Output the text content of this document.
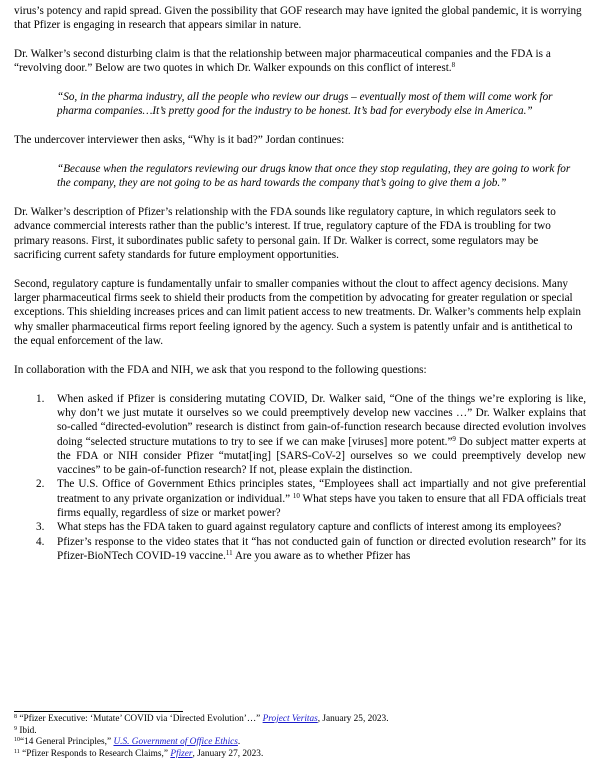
virus’s potency and rapid spread. Given the possibility that GOF research may have ignited the global pandemic, it is worrying that Pfizer is engaging in research that appears similar in nature.

Dr. Walker’s second disturbing claim is that the relationship between major pharmaceutical companies and the FDA is a “revolving door.” Below are two quotes in which Dr. Walker expounds on this conflict of interest.$^8$

“So, in the pharma industry, all the people who review our drugs – eventually most of them will come work for pharma companies…It’s pretty good for the industry to be honest. It’s bad for everybody else in America.”

The undercover interviewer then asks, “Why is it bad?” Jordan continues:

“Because when the regulators reviewing our drugs know that once they stop regulating, they are going to work for the company, they are not going to be as hard towards the company that’s going to give them a job.”

Dr. Walker’s description of Pfizer’s relationship with the FDA sounds like regulatory capture, in which regulators seek to advance commercial interests rather than the public’s interest. If true, regulatory capture of the FDA is troubling for two primary reasons. First, it subordinates public safety to personal gain. If Dr. Walker is correct, some regulators may be sacrificing current safety standards for future employment opportunities.

Second, regulatory capture is fundamentally unfair to smaller companies without the clout to affect agency decisions. Many larger pharmaceutical firms seek to shield their products from the competition by advocating for greater regulation or special exceptions. This shielding increases prices and can limit patient access to new treatments. Dr. Walker’s comments help explain why smaller pharmaceutical firms report feeling ignored by the agency. Such a system is patently unfair and is antithetical to the equal enforcement of the law.

In collaboration with the FDA and NIH, we ask that you respond to the following questions:

1. When asked if Pfizer is considering mutating COVID, Dr. Walker said, “One of the things we’re exploring is like, why don’t we just mutate it ourselves so we could preemptively develop new vaccines …” Dr. Walker explains that so-called “directed-evolution” research is distinct from gain-of-function research because directed evolution involves doing “selected structure mutations to try to see if we can make [viruses] more potent.”$^9$ Do subject matter experts at the FDA or NIH consider Pfizer “mutat[ing] [SARS-CoV-2] ourselves so we could preemptively develop new vaccines” to be gain-of-function research? If not, please explain the distinction.
2. The U.S. Office of Government Ethics principles states, “Employees shall act impartially and not give preferential treatment to any private organization or individual.” $^{10}$ What steps have you taken to ensure that all FDA officials treat firms equally, regardless of size or market power?
3. What steps has the FDA taken to guard against regulatory capture and conflicts of interest among its employees?
4. Pfizer’s response to the video states that it “has not conducted gain of function or directed evolution research” for its Pfizer-BioNTech COVID-19 vaccine.$^{11}$ Are you aware as to whether Pfizer has
$^8$ “Pfizer Executive: ‘Mutate’ COVID via ‘Directed Evolution’…” Project Veritas, January 25, 2023.
$^9$ Ibid.
$^{10}$“14 General Principles,” U.S. Government of Office Ethics.
$^{11}$ “Pfizer Responds to Research Claims,” Pfizer, January 27, 2023.
